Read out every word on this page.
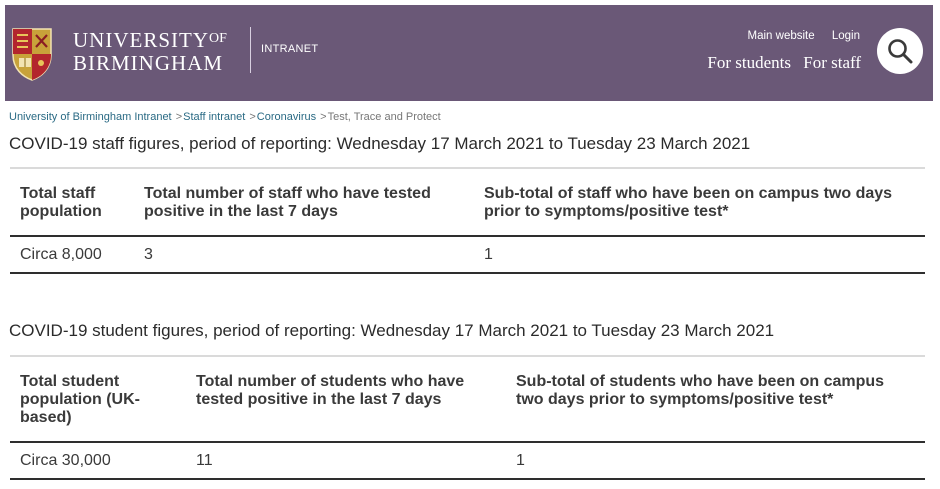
$UNIVERSITY^{OF}$
BIRMINGHAM
INTRANET
Main website Login
For students For staff
University of Birmingham Intranet >Staff intranet >Coronavirus >Test, Trace and Protect
COVID-19 staff figures, period of reporting: Wednesday 17 March 2021 to Tuesday 23 March 2021
Total staff population	Total number of staff who have tested positive in the last 7 days	Sub-total of staff who have been on campus two days prior to symptoms/positive test*
Circa 8,000	3	1
COVID-19 student figures, period of reporting: Wednesday 17 March 2021 to Tuesday 23 March 2021
Total student population (UK-based)	Total number of students who have tested positive in the last 7 days	Sub-total of students who have been on campus two days prior to symptoms/positive test*
Circa 30,000	11	1
